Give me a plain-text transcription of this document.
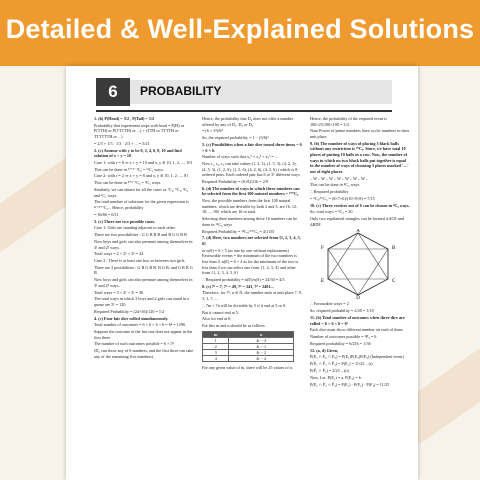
Detailed & Well-Explained Solutions
6	PROBABILITY

1. (b) P(Head) = 3/2 , P(Tail) = 1/2

Probability that experiment stops with head = P(H) or P(TTH) or P(TTTTH) or ...) + (TTH or TTTTH or TTTTTTH or ...)

= 2/3 + 1/3 · 1/3 · 2/3 + ... = 5/21

2. (c) Assume with y to be 0, 2, 4, 6, 8, 10 and find solution of x + y = 10

Case 1: with r = 0 ⇒ x + y = 10 and x, y ∈ {0, 1, 2, ..., 10}

This can be done in ¹⁰⁺²⁻¹C₂ = ¹¹C₁ ways.

Case 2: with r = 2 ⇒ x + y = 8 and x, y ∈ {0, 1, 2, ..., 8}

This can be done in ⁸⁺²⁻¹C₂ = ⁹C₁ ways.

Similarly, we can obtain for all the cases as ⁷C₁, ⁵C₁, ³C₁ and ¹C₁ ways.

The total number of solutions for the given expression is ¹¹⁺⁹⁺⁷C₁... Hence, probability

= 36/66 = 6/11

3. (c) There are two possible cases.

Case 1: Girls are standing adjacent to each other.

There are two possibilities : G G B B B and B G G B B

Now boys and girls can also permute among themselves in 3! and 2! ways.

Total ways = 2 × 2! × 3! = 24

Case 2 : There is at least one boy in between two girls.

There are 3 possibilities : G B G B B, B G B, and G B B G B

Now boys and girls can also permute among themselves in 3! and 2! ways.

Total ways = 3 × 2! × 3! = 36

The total ways in which 3 boys and 2 girls can stand in a queue are 5! = 120

Required Probability = (24+36)/120 = 1/2

4. (c) Four fair dice rolled simultaneously.

Total number of outcomes = 6 × 6 × 6 × 6 = 6⁴ = 1296

Suppose the outcome of the last one does not appear in the first three.

The number of such outcomes possible = 6 × 5³

(D₄ can show any of 6 numbers, and the first three can take any of the remaining five numbers)

Hence, the probability that D₄ does not offer a number offered by any of D₁, D₂ or D₃

= (6 × 5³)/6⁴

So, the required probability = 1 − (5/6)³

5. (c) Possibilities when a fair dice tossed three times = 6 × 6 × 6.

Number of ways such that x₁² + x₂² + x₃² = ...

Now r₁, r₂, r₃ can take values (1, 2, 3), (1, 5, 3), (4, 2, 3), (4, 5, 3), (1, 2, 6), (1, 5, 6), (4, 2, 6), (4, 5, 6) ( which is 8 ordered pairs. Each ordered pair has 6 or 3! different ways

Required Probability = (6×8)/216 = 2/9

6. (d) The number of ways in which three numbers can be selected from the first 100 natural numbers = ¹⁰⁰C₃

Now, the possible numbers from the first 100 natural numbers, which are divisible by both 2 and 3, are {6, 12, 18, ..., 96} which are 16 in total.

Selecting three numbers among these 16 numbers can be done in ¹⁶C₃ ways

Required Probability = ¹⁶C₃/¹⁰⁰C₃ = 4/1155

7. (d) Here, two numbers are selected from {1, 2, 3, 4, 5, 6}

or n(S) = 6 × 5 (as one by one without replacement) Favourable events = the minimum of the two numbers is less than 4. n(E) = 6 × 4 as for the minimum of the two is less than 4 we can select one from {1, 2, 3, 4} and other from {1, 2, 3, 4, 5, 6}

∴ Required probability = n(E)/n(S) = 24/30 = 4/5

8. (c) 7¹ = 7, 7² = 49, 7³ = 343, 7⁴ = 2401...

Therefore, for 7ⁿ, n ∈ N, the number ends at unit place 7, 9, 3, 1, 7, ...

∴ 7m + 7n will be divisible by 5 if it end at 5 or 0.

But it cannot end at 5.

Also for end at 0:

For this m and n should be as follows

m	n
1	4r − 3
2	4r − 1
3	4r − 2
4	4r − 4

For any given value of m, there will be 25 values of n.

Hence, the probability of the required event is 100×25/100×100 = 1/4

Note Power of prime numbers have cyclic numbers in their unit place.

9. (b) The number of ways of placing 3 black balls without any restriction is ¹⁰C₃. Since, we have total 10 places of putting 10 balls in a row. Now, the number of ways in which no two black balls put together is equal to the number of ways of choosing 3 places marked '—' out of eight places.

– W – W – W – W – W – W – W –

This can be done in ⁸C₃ ways.

∴ Required probability

= ⁸C₃/¹⁰C₃ = (8×7×6)/(10×9×8) = 7/15

10. (c) Three vertices out of 6 can be chosen in ⁶C₃ ways.

So, total ways = ⁶C₃ = 20

Only two equilateral triangles can be formed ∆ACE and ∆BDF

A
B
C
D
E
F

∴ Favourable ways = 2

So, required probability = 2/20 = 1/10

11. (b) Total number of outcomes when three dice are rolled = 6 × 6 × 6 = 6³

Each dice must show different number on each of them

Number of outcomes possible = ⁶P₃ = 6

Required probability = 6/216 = 1/36

12. (a, d) Given,

P(E₁ ∩ E₂ ∩ E₃) = P(E₁)P(E₂)P(E₃) (Independent event)

P(E₁ ∩ F̄₂ ∩ F̄₃) = P(E₁) = 11/25 ...(i)

P(F̄₁ ∩ F̄₂) = 2/25 ...(ii)

Now, Let, P(E₁) = a, P(E₂) = b

P(E₁ ∩ F̄₂ ∩ F̄₃) = P(E₁) · P(F₂) · P(F₃) = 11/25
